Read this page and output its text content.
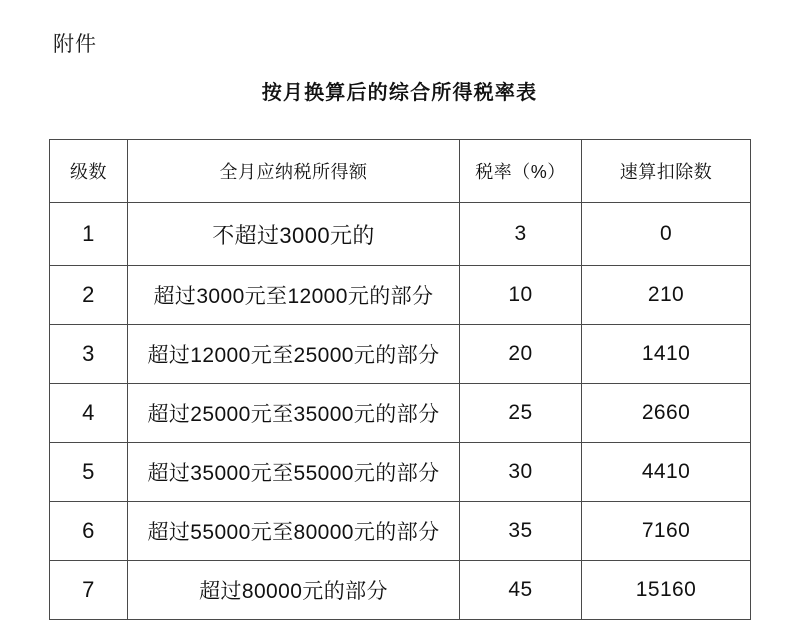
附件
按月换算后的综合所得税率表
级数	全月应纳税所得额	税率（%）	速算扣除数
1	不超过3000元的	3	0
2	超过3000元至12000元的部分	10	210
3	超过12000元至25000元的部分	20	1410
4	超过25000元至35000元的部分	25	2660
5	超过35000元至55000元的部分	30	4410
6	超过55000元至80000元的部分	35	7160
7	超过80000元的部分	45	15160
